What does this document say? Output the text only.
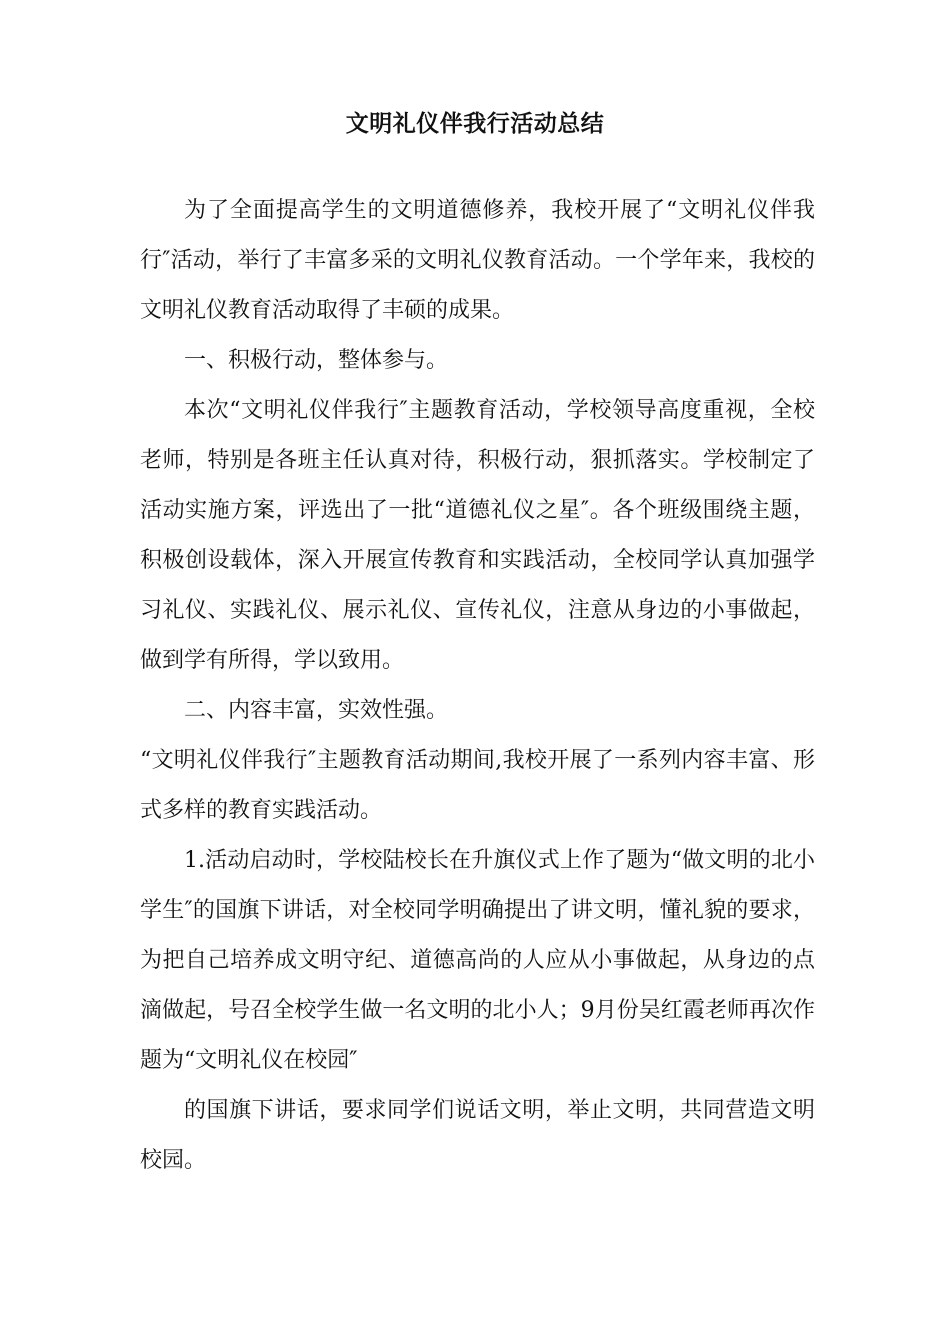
文明礼仪伴我行活动总结

为了全面提高学生的文明道德修养，我校开展了“文明礼仪伴我行″活动，举行了丰富多采的文明礼仪教育活动。一个学年来，我校的文明礼仪教育活动取得了丰硕的成果。

一、积极行动，整体参与。

本次“文明礼仪伴我行″主题教育活动，学校领导高度重视，全校老师，特别是各班主任认真对待，积极行动，狠抓落实。学校制定了活动实施方案，评选出了一批“道德礼仪之星″。各个班级围绕主题，积极创设载体，深入开展宣传教育和实践活动，全校同学认真加强学习礼仪、实践礼仪、展示礼仪、宣传礼仪，注意从身边的小事做起，做到学有所得，学以致用。

二、内容丰富，实效性强。

“文明礼仪伴我行″主题教育活动期间,我校开展了一系列内容丰富、形式多样的教育实践活动。

1.活动启动时，学校陆校长在升旗仪式上作了题为“做文明的北小学生″的国旗下讲话，对全校同学明确提出了讲文明，懂礼貌的要求，为把自己培养成文明守纪、道德高尚的人应从小事做起，从身边的点滴做起，号召全校学生做一名文明的北小人；9月份吴红霞老师再次作题为“文明礼仪在校园″

的国旗下讲话，要求同学们说话文明，举止文明，共同营造文明校园。
